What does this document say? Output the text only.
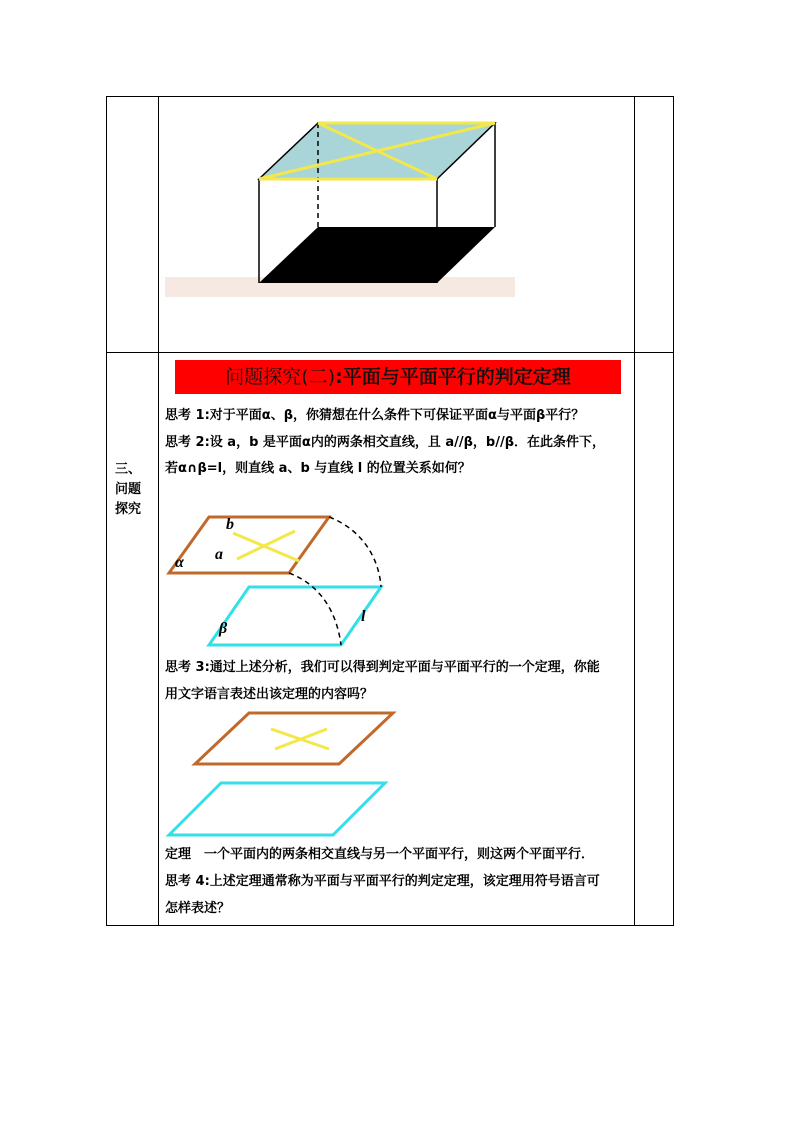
三、
问题
探究
问题探究(二):平面与平面平行的判定定理
思考 1:对于平面α、β，你猜想在什么条件下可保证平面α与平面β平行？
思考 2:设 a，b 是平面α内的两条相交直线，且 a//β，b//β．在此条件下，
若α∩β=l，则直线 a、b 与直线 l 的位置关系如何？
b
a
α
β
l
思考 3:通过上述分析，我们可以得到判定平面与平面平行的一个定理，你能
用文字语言表述出该定理的内容吗？
定理　一个平面内的两条相交直线与另一个平面平行，则这两个平面平行．
思考 4:上述定理通常称为平面与平面平行的判定定理，该定理用符号语言可
怎样表述？
